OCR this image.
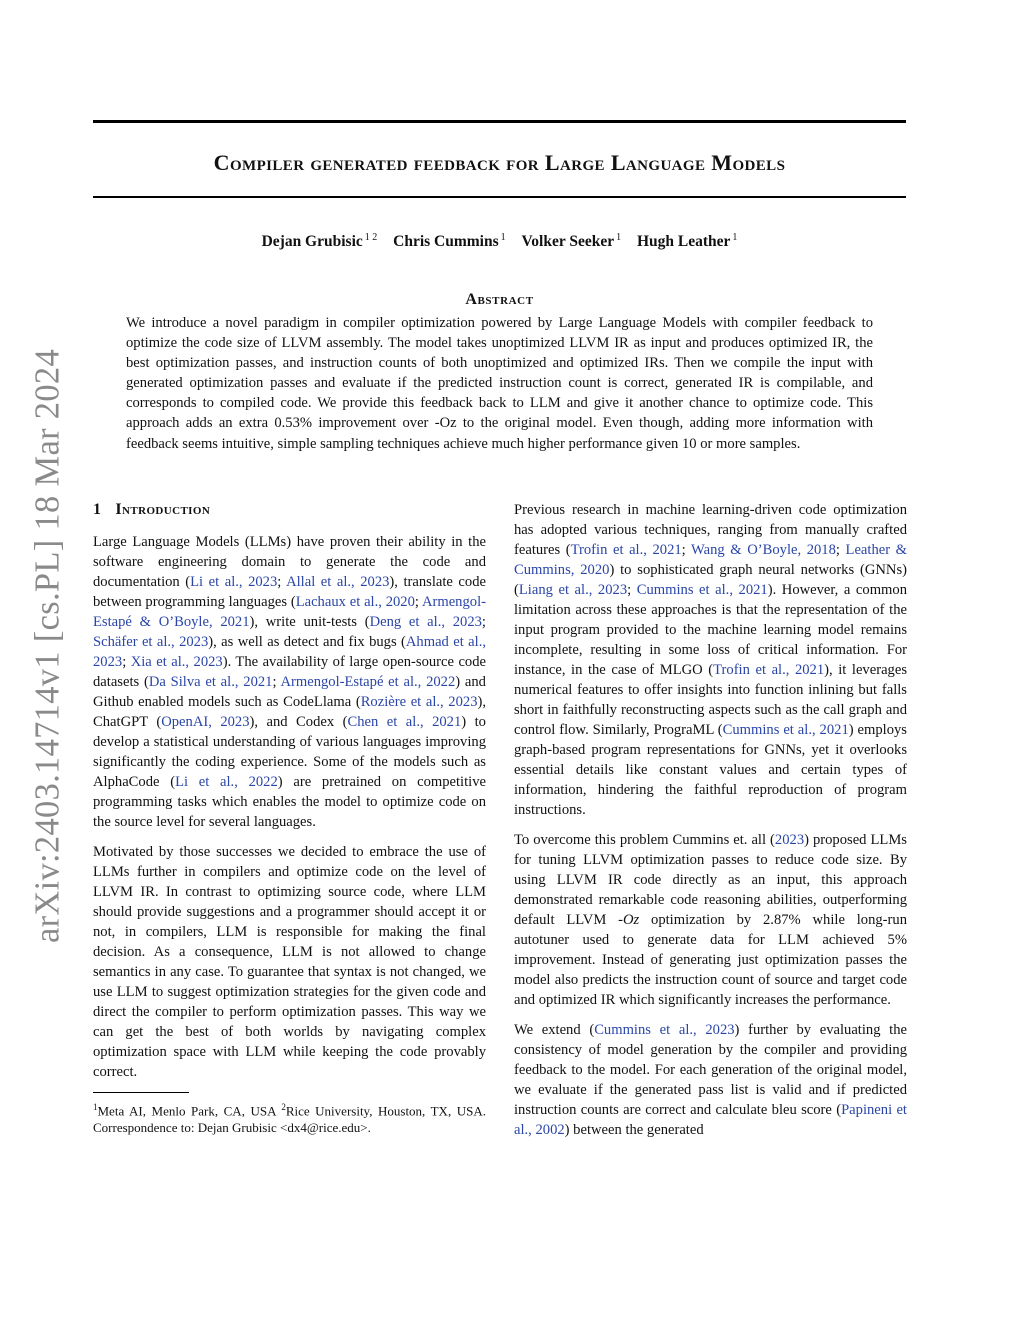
arXiv:2403.14714v1 [cs.PL] 18 Mar 2024
Compiler generated feedback for Large Language Models
Dejan Grubisic $^{1 2}$ Chris Cummins $^1$ Volker Seeker $^1$ Hugh Leather $^1$
Abstract

We introduce a novel paradigm in compiler optimization powered by Large Language Models with compiler feedback to optimize the code size of LLVM assembly. The model takes unoptimized LLVM IR as input and produces optimized IR, the best optimization passes, and instruction counts of both unoptimized and optimized IRs. Then we compile the input with generated optimization passes and evaluate if the predicted instruction count is correct, generated IR is compilable, and corresponds to compiled code. We provide this feedback back to LLM and give it another chance to optimize code. This approach adds an extra 0.53% improvement over -Oz to the original model. Even though, adding more information with feedback seems intuitive, simple sampling techniques achieve much higher performance given 10 or more samples.

1 Introduction

Large Language Models (LLMs) have proven their ability in the software engineering domain to generate the code and documentation (Li et al., 2023; Allal et al., 2023), translate code between programming languages (Lachaux et al., 2020; Armengol-Estapé & O’Boyle, 2021), write unit-tests (Deng et al., 2023; Schäfer et al., 2023), as well as detect and fix bugs (Ahmad et al., 2023; Xia et al., 2023). The availability of large open-source code datasets (Da Silva et al., 2021; Armengol-Estapé et al., 2022) and Github enabled models such as CodeLlama (Rozière et al., 2023), ChatGPT (OpenAI, 2023), and Codex (Chen et al., 2021) to develop a statistical understanding of various languages improving significantly the coding experience. Some of the models such as AlphaCode (Li et al., 2022) are pretrained on competitive programming tasks which enables the model to optimize code on the source level for several languages.

Motivated by those successes we decided to embrace the use of LLMs further in compilers and optimize code on the level of LLVM IR. In contrast to optimizing source code, where LLM should provide suggestions and a programmer should accept it or not, in compilers, LLM is responsible for making the final decision. As a consequence, LLM is not allowed to change semantics in any case. To guarantee that syntax is not changed, we use LLM to suggest optimization strategies for the given code and direct the compiler to perform optimization passes. This way we can get the best of both worlds by navigating complex optimization space with LLM while keeping the code provably correct.

$^1$Meta AI, Menlo Park, CA, USA $^2$Rice University, Houston, TX, USA. Correspondence to: Dejan Grubisic <dx4@rice.edu>.

Previous research in machine learning-driven code optimization has adopted various techniques, ranging from manually crafted features (Trofin et al., 2021; Wang & O’Boyle, 2018; Leather & Cummins, 2020) to sophisticated graph neural networks (GNNs) (Liang et al., 2023; Cummins et al., 2021). However, a common limitation across these approaches is that the representation of the input program provided to the machine learning model remains incomplete, resulting in some loss of critical information. For instance, in the case of MLGO (Trofin et al., 2021), it leverages numerical features to offer insights into function inlining but falls short in faithfully reconstructing aspects such as the call graph and control flow. Similarly, PrograML (Cummins et al., 2021) employs graph-based program representations for GNNs, yet it overlooks essential details like constant values and certain types of information, hindering the faithful reproduction of program instructions.

To overcome this problem Cummins et. all (2023) proposed LLMs for tuning LLVM optimization passes to reduce code size. By using LLVM IR code directly as an input, this approach demonstrated remarkable code reasoning abilities, outperforming default LLVM -Oz optimization by 2.87% while long-run autotuner used to generate data for LLM achieved 5% improvement. Instead of generating just optimization passes the model also predicts the instruction count of source and target code and optimized IR which significantly increases the performance.

We extend (Cummins et al., 2023) further by evaluating the consistency of model generation by the compiler and providing feedback to the model. For each generation of the original model, we evaluate if the generated pass list is valid and if predicted instruction counts are correct and calculate bleu score (Papineni et al., 2002) between the generated
